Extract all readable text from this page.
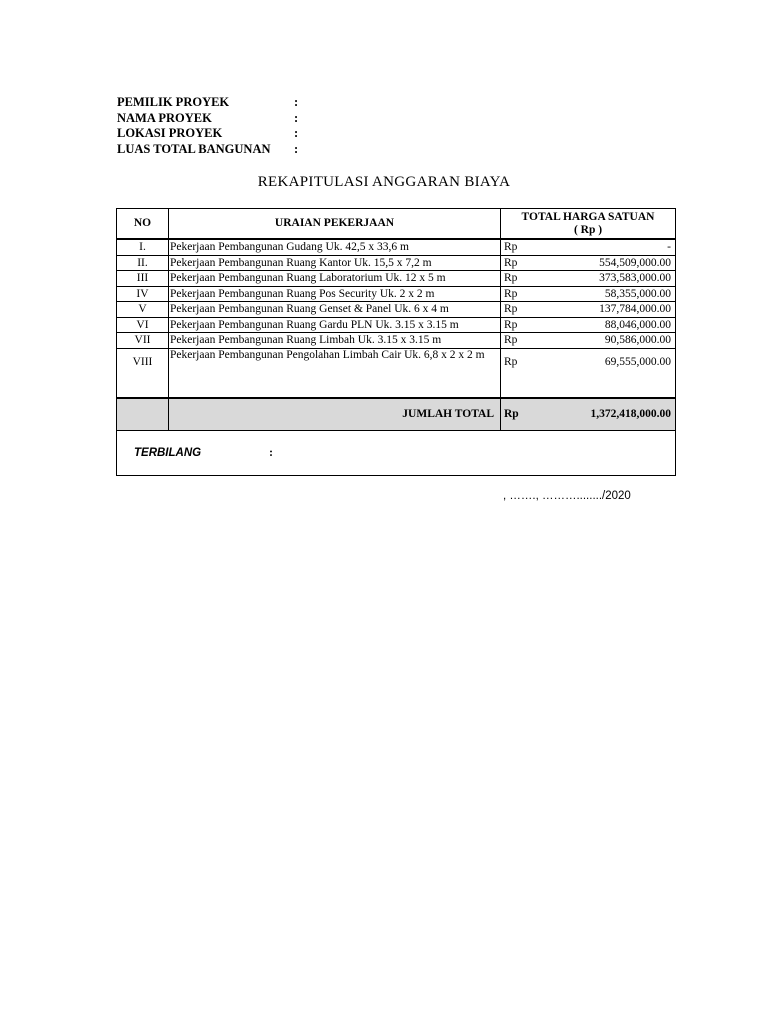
PEMILIK PROYEK	:
NAMA PROYEK	:
LOKASI PROYEK	:
LUAS TOTAL BANGUNAN :
REKAPITULASI ANGGARAN BIAYA
NO	URAIAN PEKERJAAN	TOTAL HARGA SATUAN
( Rp )	

I.	Pekerjaan Pembangunan Gudang Uk. 42,5 x 33,6 m	Rp	-
II.	Pekerjaan Pembangunan Ruang Kantor Uk. 15,5 x 7,2 m	Rp	554,509,000.00
III	Pekerjaan Pembangunan Ruang Laboratorium Uk. 12 x 5 m	Rp	373,583,000.00
IV	Pekerjaan Pembangunan Ruang Pos Security Uk. 2 x 2 m	Rp	58,355,000.00
V	Pekerjaan Pembangunan Ruang Genset & Panel Uk. 6 x 4 m	Rp	137,784,000.00
VI	Pekerjaan Pembangunan Ruang Gardu PLN Uk. 3.15 x 3.15 m	Rp	88,046,000.00
VII	Pekerjaan Pembangunan Ruang Limbah Uk. 3.15 x 3.15 m	Rp	90,586,000.00
VIII	Pekerjaan Pembangunan Pengolahan Limbah Cair Uk. 6,8 x 2 x 2 m	Rp	69,555,000.00
	JUMLAH TOTAL	Rp	1,372,418,000.00
TERBILANG :			
, ……., ………......../2020
